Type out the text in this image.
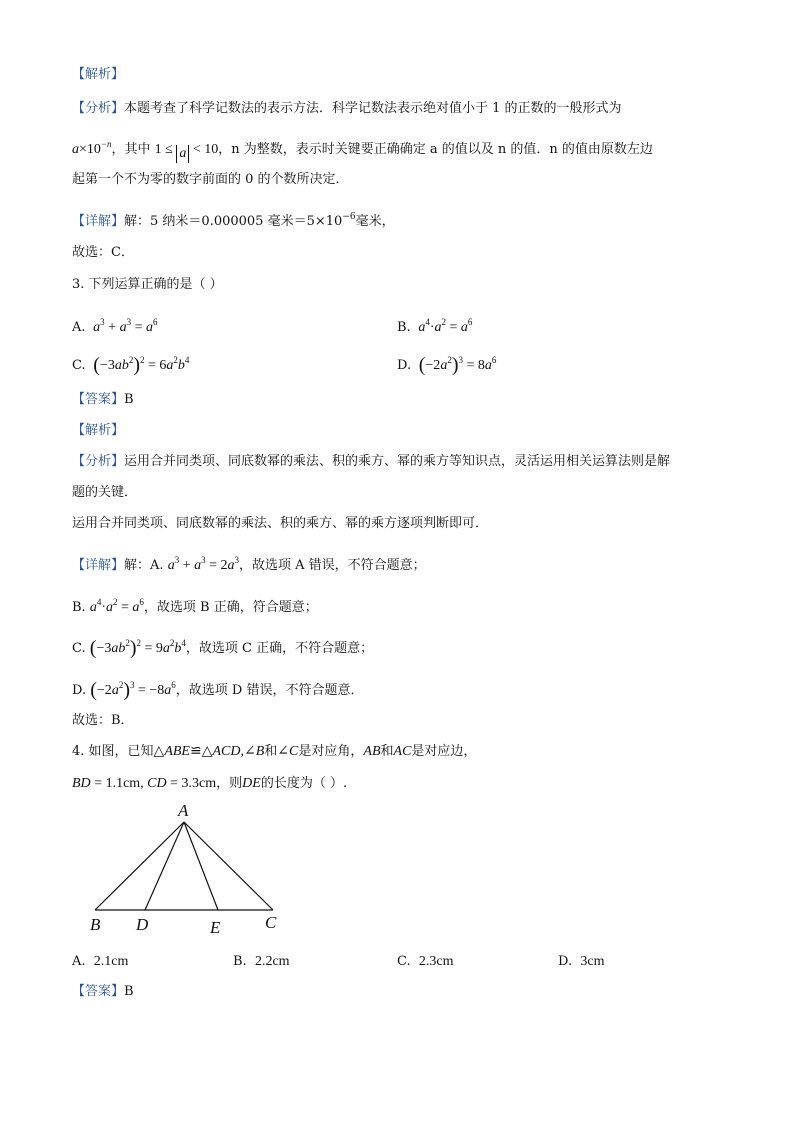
【解析】
【分析】本题考查了科学记数法的表示方法．科学记数法表示绝对值小于 1 的正数的一般形式为
$a\times 10^{-n}$，其中 1 ≤ a < 10，n 为整数，表示时关键要正确确定 a 的值以及 n 的值．n 的值由原数左边
起第一个不为零的数字前面的 0 的个数所决定．
【详解】解：5 纳米＝0.000005 毫米$=5\times 10^{-6}$毫米，
故选：C．
3. 下列运算正确的是（ ）
A.  $a^3 + a^3 = a^6$	B.  $a^4\cdot a^2 = a^6$
C. $(-3ab^2)^2 = 6a^2b^4$	D. $(-2a^2)^3 = 8a^6$
【答案】B
【解析】
【分析】运用合并同类项、同底数幂的乘法、积的乘方、幂的乘方等知识点，灵活运用相关运算法则是解
题的关键．
运用合并同类项、同底数幂的乘法、积的乘方、幂的乘方逐项判断即可．
【详解】解：A. $a^3 + a^3 = 2a^3$，故选项 A 错误，不符合题意；
B. $a^4\cdot a^2 = a^6$，故选项 B 正确，符合题意；
C. $(-3ab^2)^2 = 9a^2b^4$，故选项 C 正确，不符合题意；
D. $(-2a^2)^3 = -8a^6$，故选项 D 错误，不符合题意．
故选：B．
4. 如图，已知△ABE≌△ACD,∠B和∠C是对应角，AB和AC是对应边，
BD = 1.1cm, CD = 3.3cm，则DE的长度为（ ）.
A
B D	E	C
A. 2.1cm	B. 2.2cm	C. 2.3cm	D. 3cm
【答案】B
